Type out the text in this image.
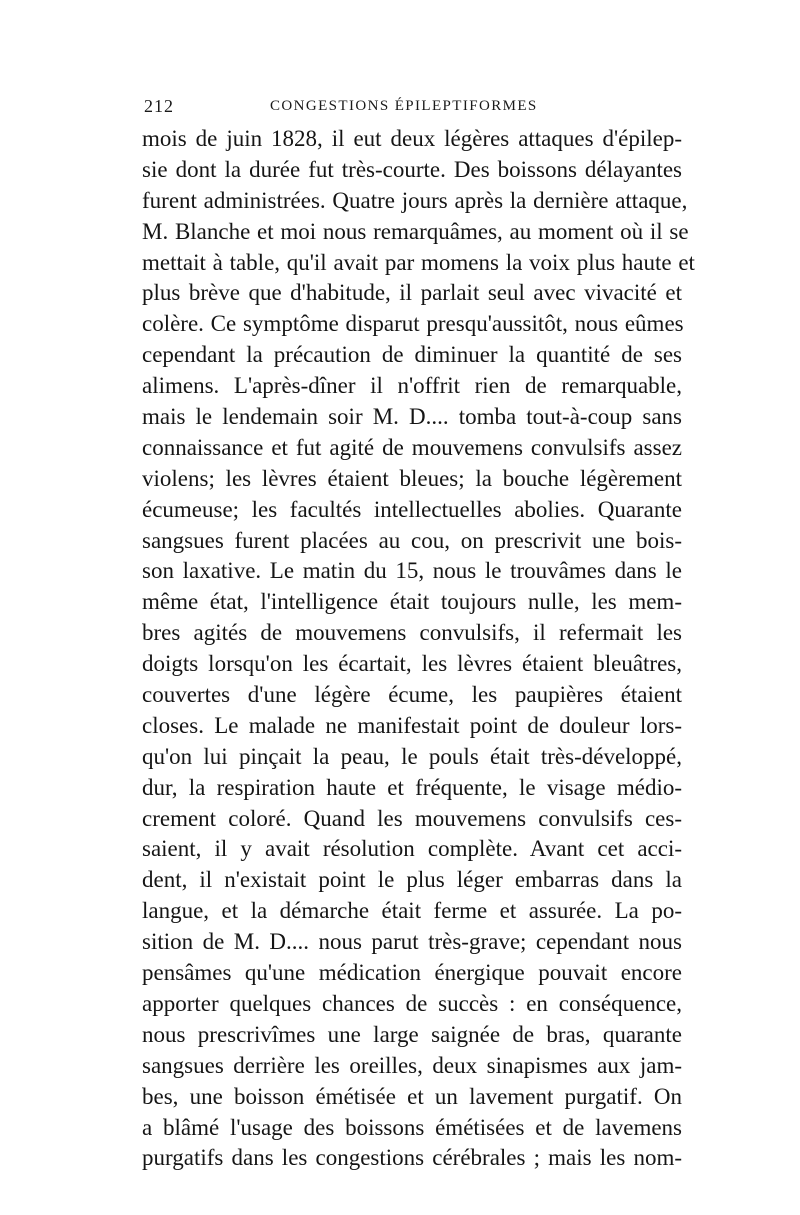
212	CONGESTIONS ÉPILEPTIFORMES
mois de juin 1828, il eut deux légères attaques d'épilep-
sie dont la durée fut très-courte. Des boissons délayantes
furent administrées. Quatre jours après la dernière attaque,
M. Blanche et moi nous remarquâmes, au moment où il se
mettait à table, qu'il avait par momens la voix plus haute et
plus brève que d'habitude, il parlait seul avec vivacité et
colère. Ce symptôme disparut presqu'aussitôt, nous eûmes
cependant la précaution de diminuer la quantité de ses
alimens. L'après-dîner il n'offrit rien de remarquable,
mais le lendemain soir M. D.... tomba tout-à-coup sans
connaissance et fut agité de mouvemens convulsifs assez
violens; les lèvres étaient bleues; la bouche légèrement
écumeuse; les facultés intellectuelles abolies. Quarante
sangsues furent placées au cou, on prescrivit une bois-
son laxative. Le matin du 15, nous le trouvâmes dans le
même état, l'intelligence était toujours nulle, les mem-
bres agités de mouvemens convulsifs, il refermait les
doigts lorsqu'on les écartait, les lèvres étaient bleuâtres,
couvertes d'une légère écume, les paupières étaient
closes. Le malade ne manifestait point de douleur lors-
qu'on lui pinçait la peau, le pouls était très-développé,
dur, la respiration haute et fréquente, le visage médio-
crement coloré. Quand les mouvemens convulsifs ces-
saient, il y avait résolution complète. Avant cet acci-
dent, il n'existait point le plus léger embarras dans la
langue, et la démarche était ferme et assurée. La po-
sition de M. D.... nous parut très-grave; cependant nous
pensâmes qu'une médication énergique pouvait encore
apporter quelques chances de succès : en conséquence,
nous prescrivîmes une large saignée de bras, quarante
sangsues derrière les oreilles, deux sinapismes aux jam-
bes, une boisson émétisée et un lavement purgatif. On
a blâmé l'usage des boissons émétisées et de lavemens
purgatifs dans les congestions cérébrales ; mais les nom-
